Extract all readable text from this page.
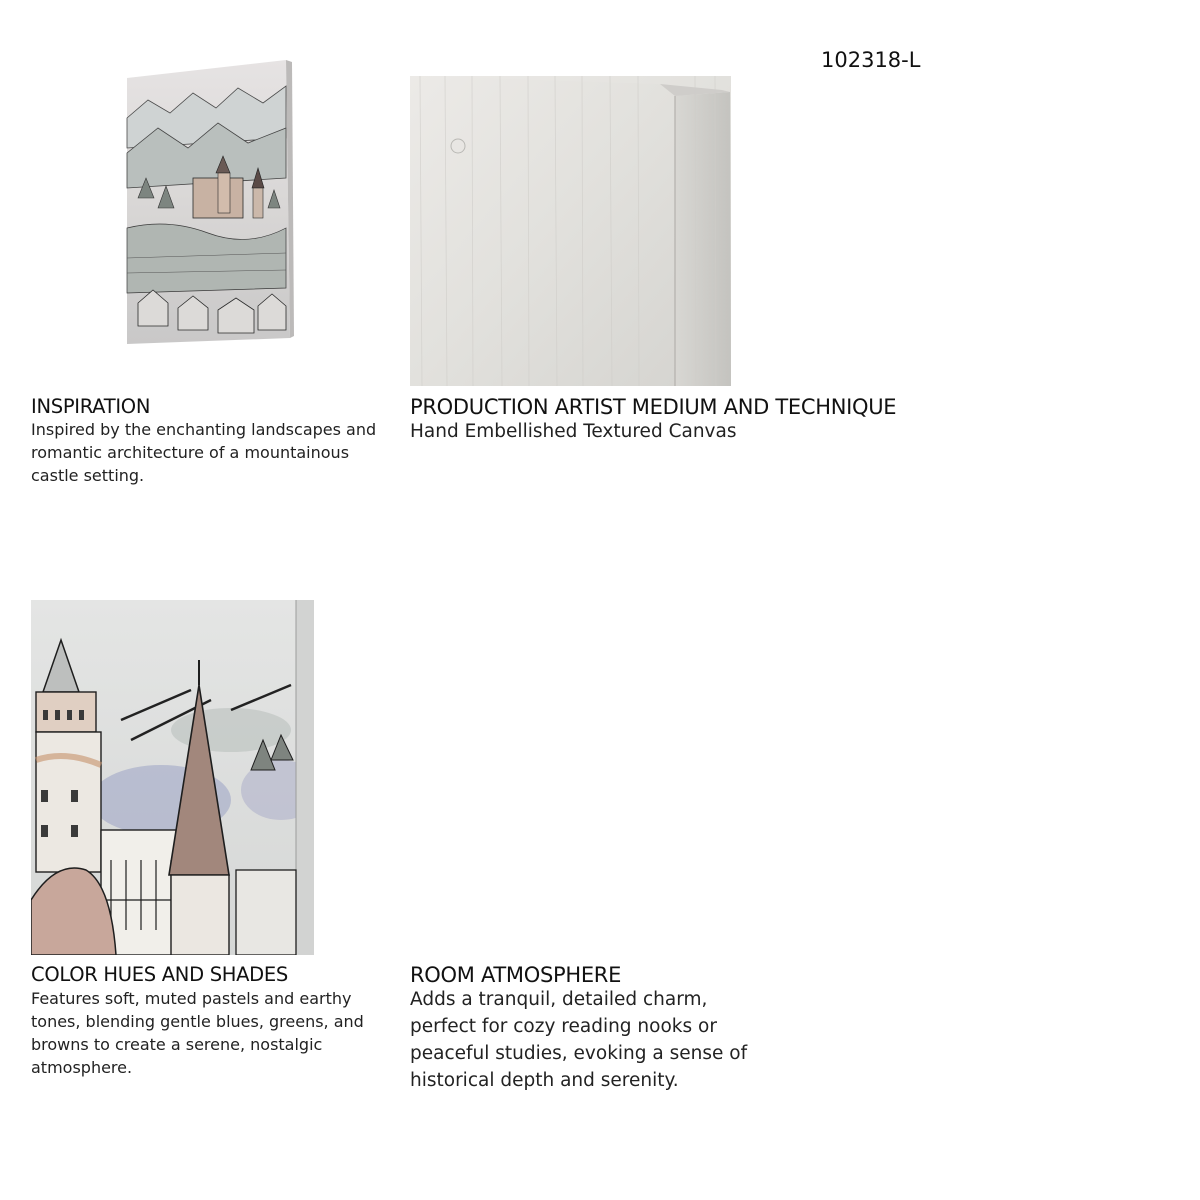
102318-L
INSPIRATION
Inspired by the enchanting landscapes and romantic architecture of a mountainous castle setting.
PRODUCTION ARTIST MEDIUM AND TECHNIQUE
Hand Embellished Textured Canvas
COLOR HUES AND SHADES
Features soft, muted pastels and earthy tones, blending gentle blues, greens, and browns to create a serene, nostalgic atmosphere.
ROOM ATMOSPHERE
Adds a tranquil, detailed charm, perfect for cozy reading nooks or peaceful studies, evoking a sense of historical depth and serenity.
